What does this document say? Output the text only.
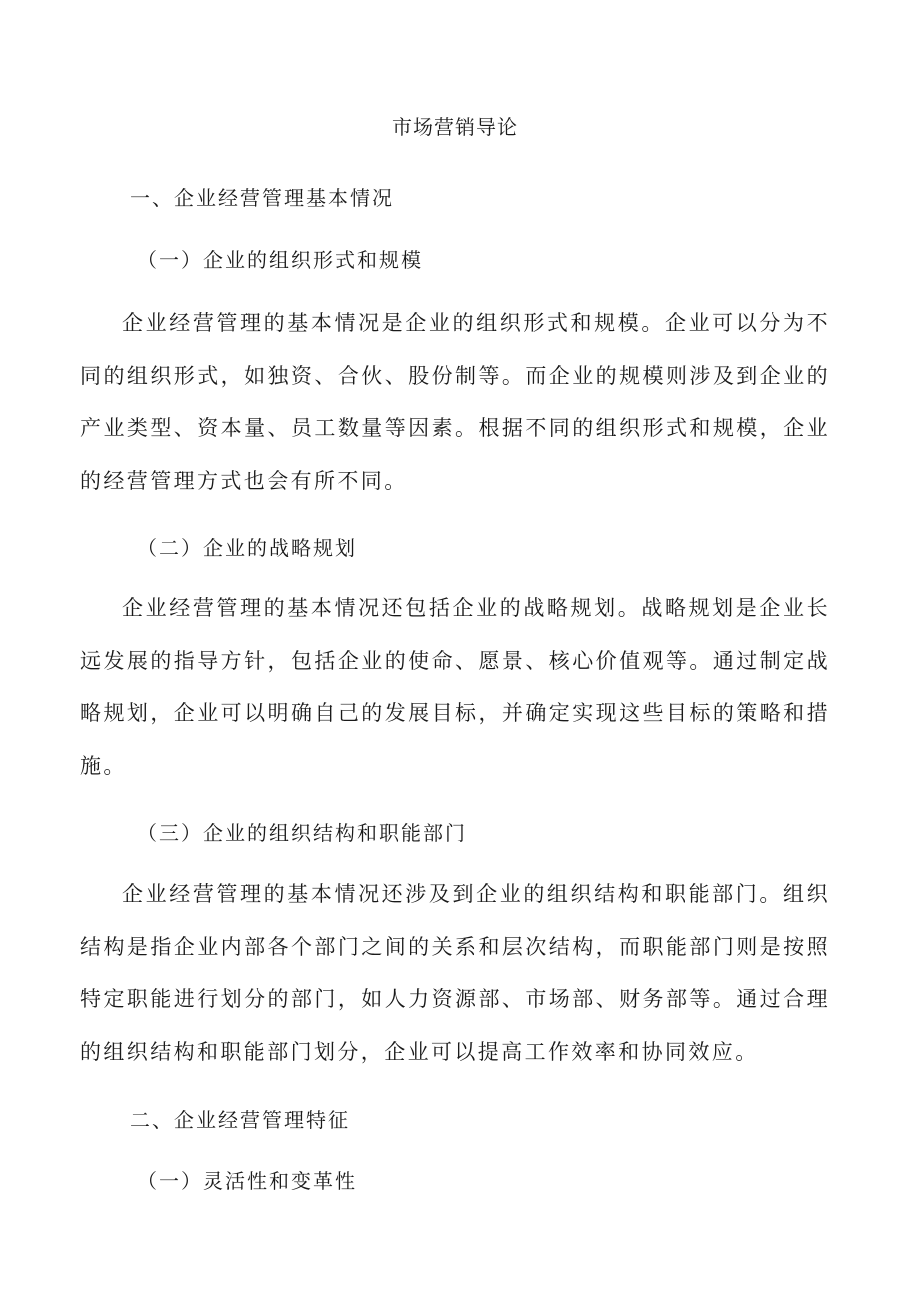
市场营销导论
一、企业经营管理基本情况
（一）企业的组织形式和规模

企业经营管理的基本情况是企业的组织形式和规模。企业可以分为不同的组织形式，如独资、合伙、股份制等。而企业的规模则涉及到企业的产业类型、资本量、员工数量等因素。根据不同的组织形式和规模，企业的经营管理方式也会有所不同。

（二）企业的战略规划

企业经营管理的基本情况还包括企业的战略规划。战略规划是企业长远发展的指导方针，包括企业的使命、愿景、核心价值观等。通过制定战略规划，企业可以明确自己的发展目标，并确定实现这些目标的策略和措施。

（三）企业的组织结构和职能部门

企业经营管理的基本情况还涉及到企业的组织结构和职能部门。组织结构是指企业内部各个部门之间的关系和层次结构，而职能部门则是按照特定职能进行划分的部门，如人力资源部、市场部、财务部等。通过合理的组织结构和职能部门划分，企业可以提高工作效率和协同效应。

二、企业经营管理特征
（一）灵活性和变革性
